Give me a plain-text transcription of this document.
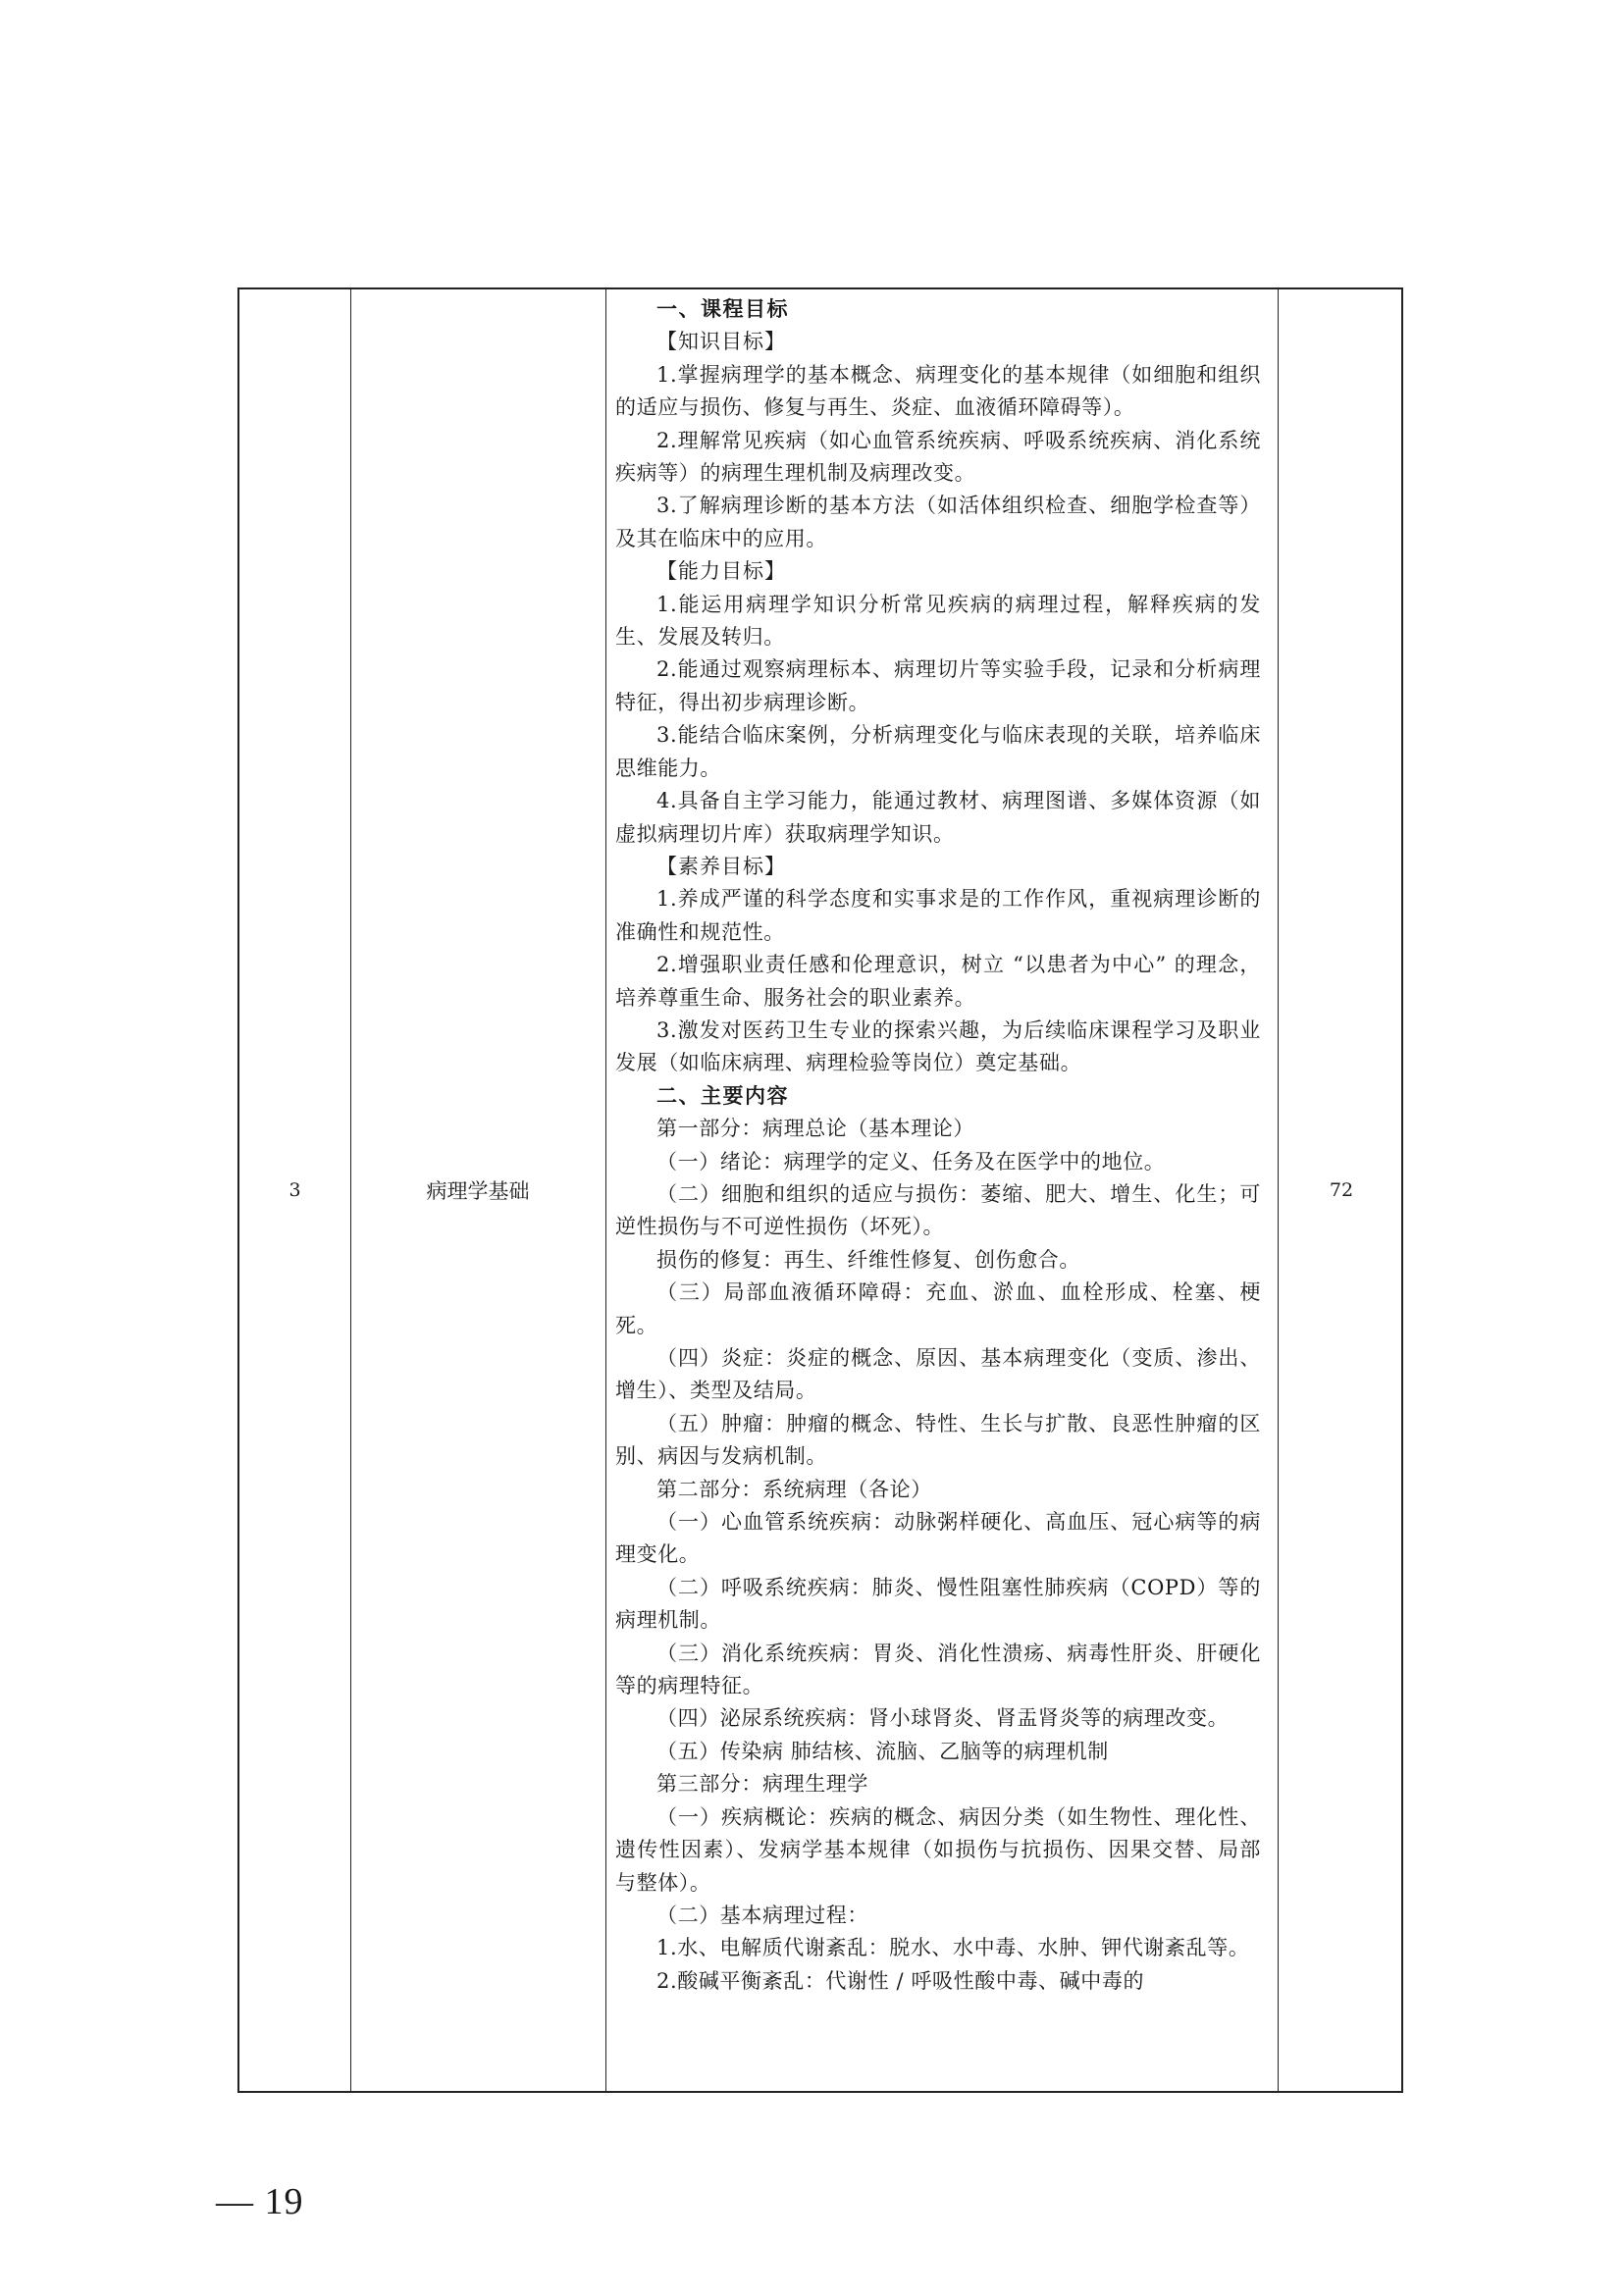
3	病理学基础

一、课程目标

【知识目标】

1.掌握病理学的基本概念、病理变化的基本规律（如细胞和组织的适应与损伤、修复与再生、炎症、血液循环障碍等）。

2.理解常见疾病（如心血管系统疾病、呼吸系统疾病、消化系统疾病等）的病理生理机制及病理改变。

3.了解病理诊断的基本方法（如活体组织检查、细胞学检查等）及其在临床中的应用。

【能力目标】

1.能运用病理学知识分析常见疾病的病理过程，解释疾病的发生、发展及转归。

2.能通过观察病理标本、病理切片等实验手段，记录和分析病理特征，得出初步病理诊断。

3.能结合临床案例，分析病理变化与临床表现的关联，培养临床思维能力。

4.具备自主学习能力，能通过教材、病理图谱、多媒体资源（如虚拟病理切片库）获取病理学知识。

【素养目标】

1.养成严谨的科学态度和实事求是的工作作风，重视病理诊断的准确性和规范性。

2.增强职业责任感和伦理意识，树立 “以患者为中心” 的理念，培养尊重生命、服务社会的职业素养。

3.激发对医药卫生专业的探索兴趣，为后续临床课程学习及职业发展（如临床病理、病理检验等岗位）奠定基础。

二、主要内容

第一部分：病理总论（基本理论）

（一）绪论：病理学的定义、任务及在医学中的地位。

（二）细胞和组织的适应与损伤：萎缩、肥大、增生、化生；可逆性损伤与不可逆性损伤（坏死）。

损伤的修复：再生、纤维性修复、创伤愈合。

（三）局部血液循环障碍：充血、淤血、血栓形成、栓塞、梗死。

（四）炎症：炎症的概念、原因、基本病理变化（变质、渗出、增生）、类型及结局。

（五）肿瘤：肿瘤的概念、特性、生长与扩散、良恶性肿瘤的区别、病因与发病机制。

第二部分：系统病理（各论）

（一）心血管系统疾病：动脉粥样硬化、高血压、冠心病等的病理变化。

（二）呼吸系统疾病：肺炎、慢性阻塞性肺疾病（COPD）等的病理机制。

（三）消化系统疾病：胃炎、消化性溃疡、病毒性肝炎、肝硬化等的病理特征。

（四）泌尿系统疾病：肾小球肾炎、肾盂肾炎等的病理改变。

（五）传染病 肺结核、流脑、乙脑等的病理机制

第三部分：病理生理学

（一）疾病概论：疾病的概念、病因分类（如生物性、理化性、遗传性因素）、发病学基本规律（如损伤与抗损伤、因果交替、局部与整体）。

（二）基本病理过程：

1.水、电解质代谢紊乱：脱水、水中毒、水肿、钾代谢紊乱等。

2.酸碱平衡紊乱：代谢性 / 呼吸性酸中毒、碱中毒的

72
— 19
